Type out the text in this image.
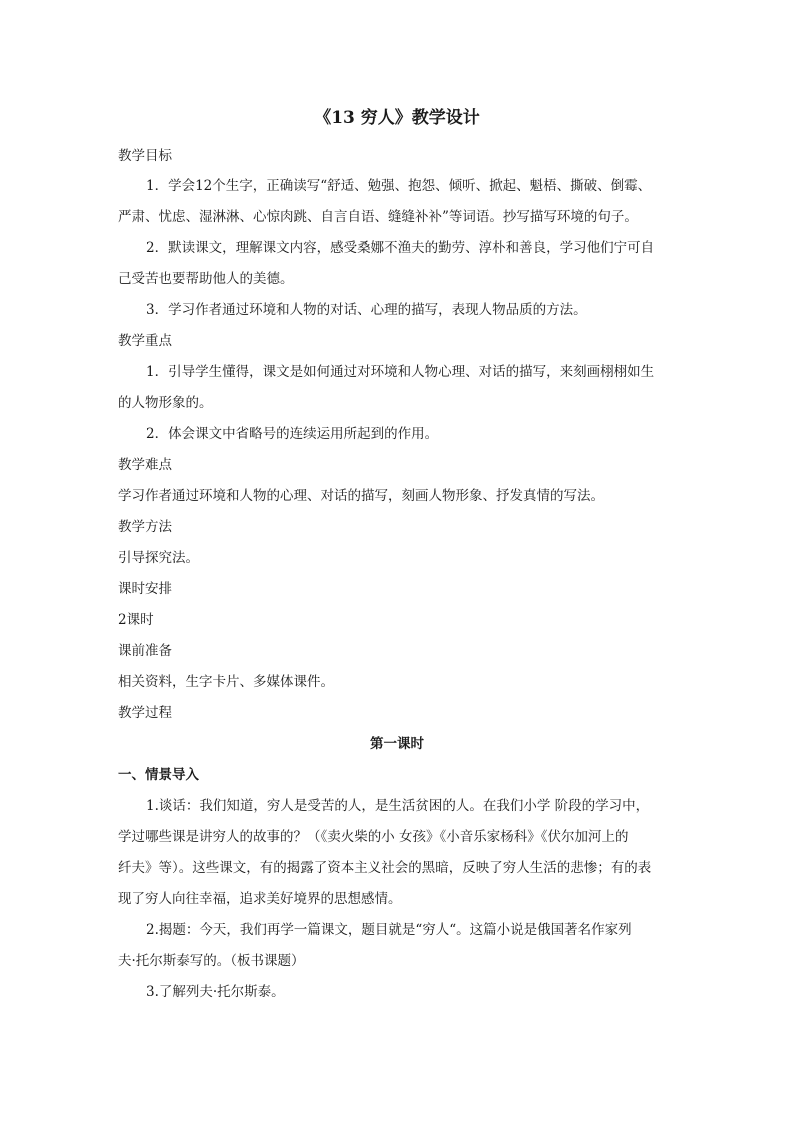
《13 穷人》教学设计
教学目标
1．学会12个生字，正确读写“舒适、勉强、抱怨、倾听、掀起、魁梧、撕破、倒霉、
严肃、忧虑、湿淋淋、心惊肉跳、自言自语、缝缝补补”等词语。抄写描写环境的句子。
2．默读课文，理解课文内容，感受桑娜不渔夫的勤劳、淳朴和善良，学习他们宁可自
己受苦也要帮助他人的美德。
3．学习作者通过环境和人物的对话、心理的描写，表现人物品质的方法。
教学重点
1．引导学生懂得，课文是如何通过对环境和人物心理、对话的描写，来刻画栩栩如生
的人物形象的。
2．体会课文中省略号的连续运用所起到的作用。
教学难点
学习作者通过环境和人物的心理、对话的描写，刻画人物形象、抒发真情的写法。
教学方法
引导探究法。
课时安排
2课时
课前准备
相关资料，生字卡片、多媒体课件。
教学过程
第一课时
一、情景导入
1.谈话：我们知道，穷人是受苦的人，是生活贫困的人。在我们小学 阶段的学习中，
学过哪些课是讲穷人的故事的？（《卖火柴的小 女孩》《小音乐家杨科》《伏尔加河上的
纤夫》等）。这些课文，有的揭露了资本主义社会的黑暗，反映了穷人生活的悲惨；有的表
现了穷人向往幸福，追求美好境界的思想感情。
2.揭题：今天，我们再学一篇课文，题目就是“穷人“。这篇小说是俄国著名作家列
夫·托尔斯泰写的。（板书课题）
3.了解列夫·托尔斯泰。
